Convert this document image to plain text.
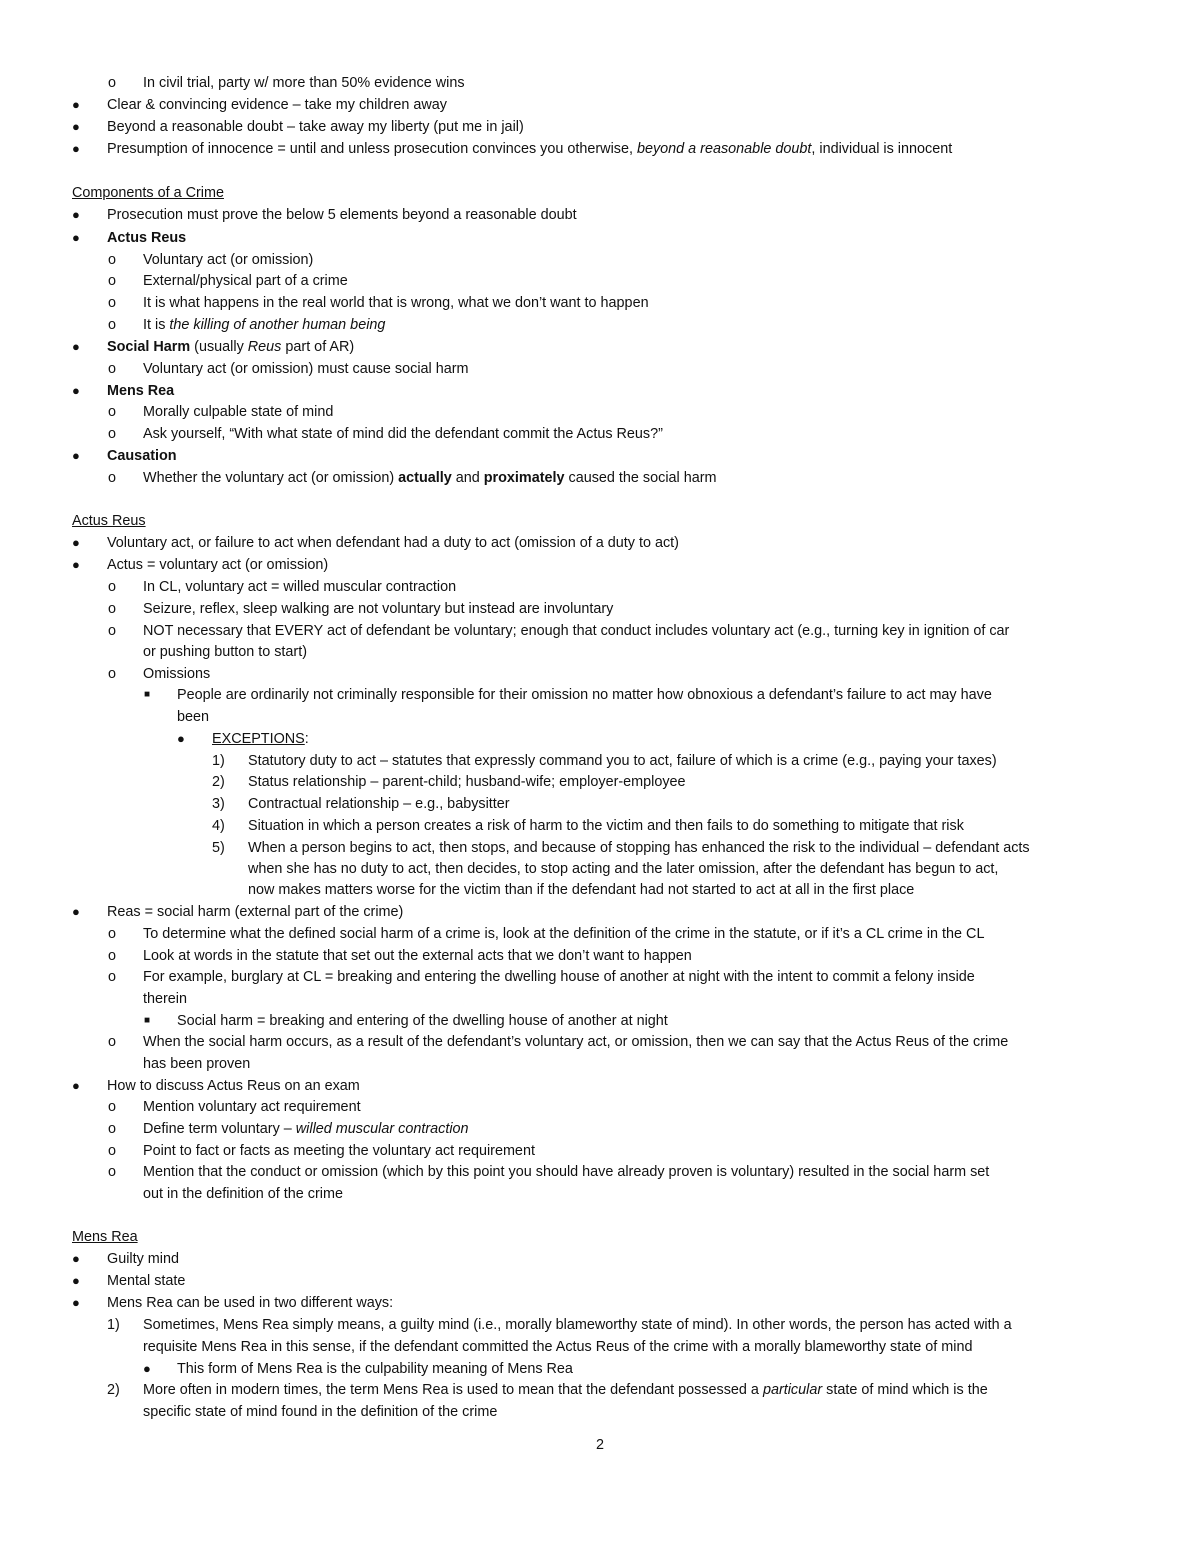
o In civil trial, party w/ more than 50% evidence wins
● Clear & convincing evidence – take my children away
● Beyond a reasonable doubt – take away my liberty (put me in jail)
● Presumption of innocence = until and unless prosecution convinces you otherwise, beyond a reasonable doubt, individual is innocent
Components of a Crime
● Prosecution must prove the below 5 elements beyond a reasonable doubt
● Actus Reus
o Voluntary act (or omission)
o External/physical part of a crime
o It is what happens in the real world that is wrong, what we don’t want to happen
o It is the killing of another human being
● Social Harm (usually Reus part of AR)
o Voluntary act (or omission) must cause social harm
● Mens Rea
o Morally culpable state of mind
o Ask yourself, “With what state of mind did the defendant commit the Actus Reus?”
● Causation
o Whether the voluntary act (or omission) actually and proximately caused the social harm
Actus Reus
● Voluntary act, or failure to act when defendant had a duty to act (omission of a duty to act)
● Actus = voluntary act (or omission)
o In CL, voluntary act = willed muscular contraction
o Seizure, reflex, sleep walking are not voluntary but instead are involuntary
o NOT necessary that EVERY act of defendant be voluntary; enough that conduct includes voluntary act (e.g., turning key in ignition of car
or pushing button to start)
o Omissions
■ People are ordinarily not criminally responsible for their omission no matter how obnoxious a defendant’s failure to act may have
been
● EXCEPTIONS:
1) Statutory duty to act – statutes that expressly command you to act, failure of which is a crime (e.g., paying your taxes)
2) Status relationship – parent-child; husband-wife; employer-employee
3) Contractual relationship – e.g., babysitter
4) Situation in which a person creates a risk of harm to the victim and then fails to do something to mitigate that risk
5) When a person begins to act, then stops, and because of stopping has enhanced the risk to the individual – defendant acts
when she has no duty to act, then decides, to stop acting and the later omission, after the defendant has begun to act,
now makes matters worse for the victim than if the defendant had not started to act at all in the first place
● Reas = social harm (external part of the crime)
o To determine what the defined social harm of a crime is, look at the definition of the crime in the statute, or if it’s a CL crime in the CL
o Look at words in the statute that set out the external acts that we don’t want to happen
o For example, burglary at CL = breaking and entering the dwelling house of another at night with the intent to commit a felony inside
therein
■ Social harm = breaking and entering of the dwelling house of another at night
o When the social harm occurs, as a result of the defendant’s voluntary act, or omission, then we can say that the Actus Reus of the crime
has been proven
● How to discuss Actus Reus on an exam
o Mention voluntary act requirement
o Define term voluntary – willed muscular contraction
o Point to fact or facts as meeting the voluntary act requirement
o Mention that the conduct or omission (which by this point you should have already proven is voluntary) resulted in the social harm set
out in the definition of the crime
Mens Rea
● Guilty mind
● Mental state
● Mens Rea can be used in two different ways:
1) Sometimes, Mens Rea simply means, a guilty mind (i.e., morally blameworthy state of mind). In other words, the person has acted with a
requisite Mens Rea in this sense, if the defendant committed the Actus Reus of the crime with a morally blameworthy state of mind
● This form of Mens Rea is the culpability meaning of Mens Rea
2) More often in modern times, the term Mens Rea is used to mean that the defendant possessed a particular state of mind which is the
specific state of mind found in the definition of the crime
2
